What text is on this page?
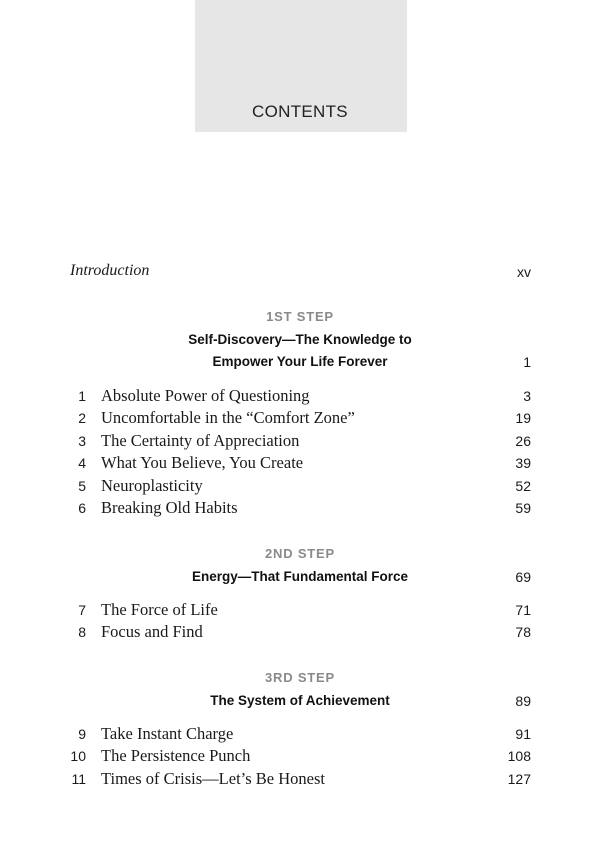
CONTENTS
Introduction	xv
1ST STEP
Self-Discovery—The Knowledge to
Empower Your Life Forever	1
1 Absolute Power of Questioning	3
2 Uncomfortable in the “Comfort Zone”	19
3 The Certainty of Appreciation	26
4 What You Believe, You Create	39
5 Neuroplasticity	52
6 Breaking Old Habits	59
2ND STEP
Energy—That Fundamental Force	69
7 The Force of Life	71
8 Focus and Find	78
3RD STEP
The System of Achievement	89
9 Take Instant Charge	91
10 The Persistence Punch	108
11 Times of Crisis—Let’s Be Honest	127
